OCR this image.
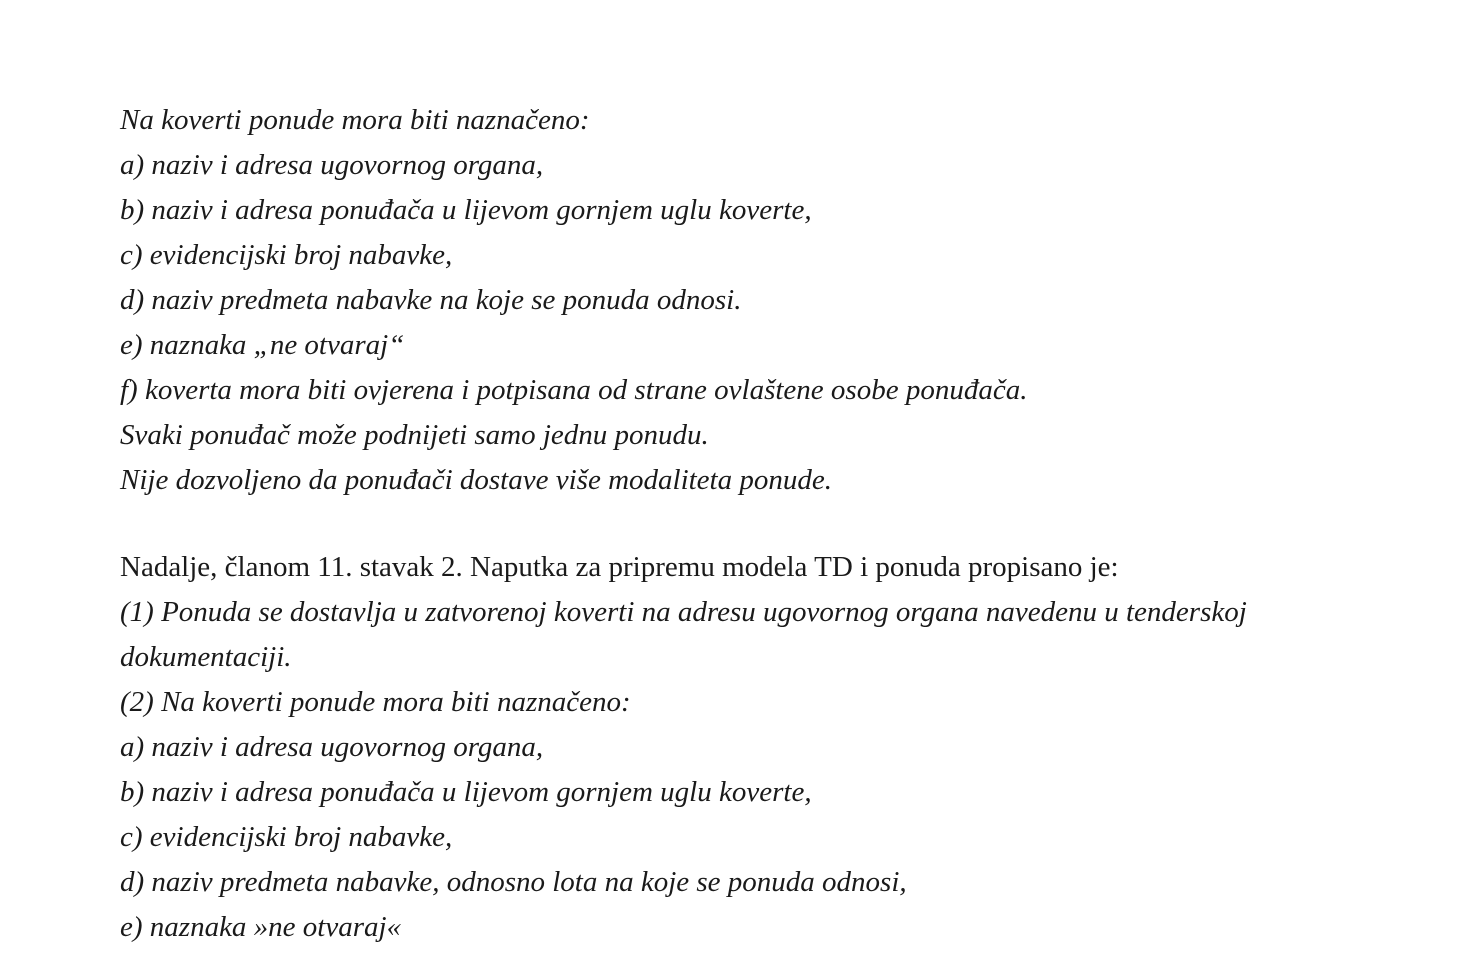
Na koverti ponude mora biti naznačeno:
a) naziv i adresa ugovornog organa,
b) naziv i adresa ponuđača u lijevom gornjem uglu koverte,
c) evidencijski broj nabavke,
d) naziv predmeta nabavke na koje se ponuda odnosi.
e) naznaka „ne otvaraj“
f) koverta mora biti ovjerena i potpisana od strane ovlaštene osobe ponuđača.
Svaki ponuđač može podnijeti samo jednu ponudu.
Nije dozvoljeno da ponuđači dostave više modaliteta ponude.
Nadalje, članom 11. stavak 2. Naputka za pripremu modela TD i ponuda propisano je:
(1) Ponuda se dostavlja u zatvorenoj koverti na adresu ugovornog organa navedenu u tenderskoj
dokumentaciji.
(2) Na koverti ponude mora biti naznačeno:
a) naziv i adresa ugovornog organa,
b) naziv i adresa ponuđača u lijevom gornjem uglu koverte,
c) evidencijski broj nabavke,
d) naziv predmeta nabavke, odnosno lota na koje se ponuda odnosi,
e) naznaka »ne otvaraj«
